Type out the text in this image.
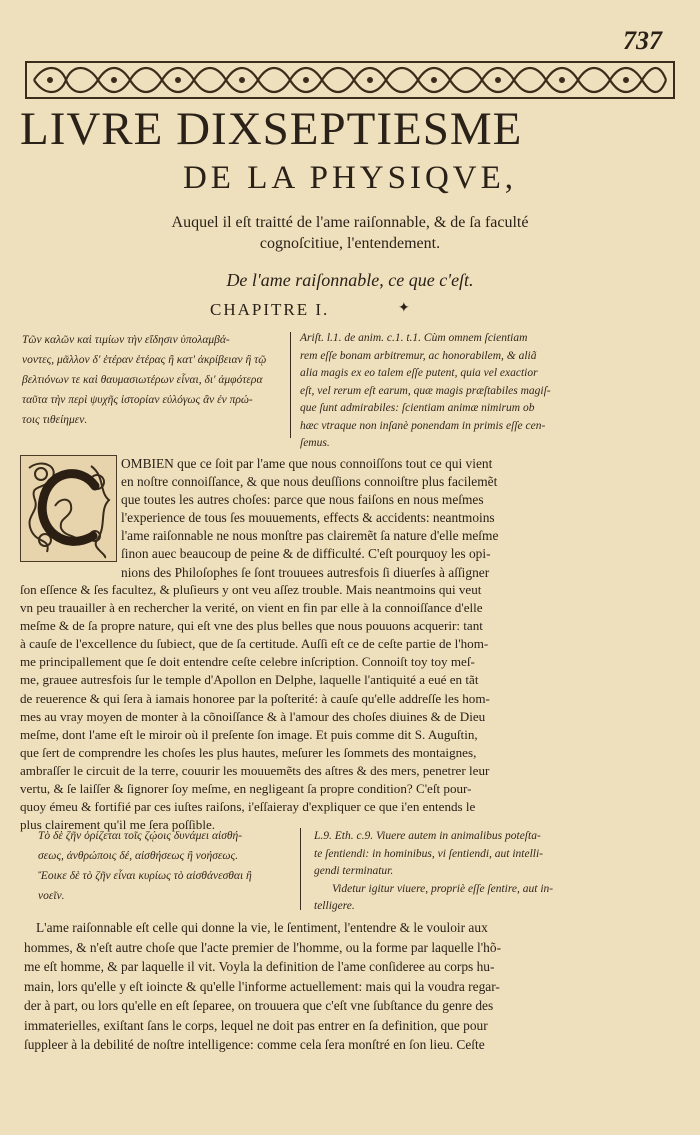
737
LIVRE DIXSEPTIESME
DE LA PHYSIQVE,
Auquel il eſt traitté de l'ame raiſonnable, & de ſa faculté
cognoſcitiue, l'entendement.
De l'ame raiſonnable, ce que c'eſt.
CHAPITRE I.	✦
Τῶν καλῶν καὶ τιμίων τὴν εἴδησιν ὑπολαμβά-
νοντες, μᾶλλον δ' ἑτέραν ἑτέρας ἢ κατ' ἀκρίβειαν ἢ τῷ
βελτιόνων τε καὶ θαυμασιωτέρων εἶναι, δι' ἀμφότερα
ταῦτα τὴν περὶ ψυχῆς ἱστορίαν εὐλόγως ἂν ἐν πρώ-
τοις τιθείημεν.
Ariſt. l.1. de anim. c.1. t.1. Cùm omnem ſcientiam
rem eſſe bonam arbitremur, ac honorabilem, & aliã
alia magis ex eo talem eſſe putent, quia vel exactior
eſt, vel rerum eſt earum, quæ magis præſtabiles magiſ-
que ſunt admirabiles: ſcientiam animæ nimirum ob
hæc vtraque non inſanè ponendam in primis eſſe cen-
ſemus.

OMBIEN que ce ſoit par l'ame que nous connoiſſons tout ce qui vient

en noſtre connoiſſance, & que nous deuſſions connoiſtre plus facilemẽt

que toutes les autres choſes: parce que nous faiſons en nous meſmes

l'experience de tous ſes mouuements, effects & accidents: neantmoins

l'ame raiſonnable ne nous monſtre pas clairemẽt ſa nature d'elle meſme

ſinon auec beaucoup de peine & de difficulté. C'eſt pourquoy les opi-

nions des Philoſophes ſe ſont trouuees autresfois ſi diuerſes à aſſigner

ſon eſſence & ſes facultez, & pluſieurs y ont veu aſſez trouble. Mais neantmoins qui veut

vn peu trauailler à en rechercher la verité, on vient en fin par elle à la connoiſſance d'elle

meſme & de ſa propre nature, qui eſt vne des plus belles que nous pouuons acquerir: tant

à cauſe de l'excellence du ſubiect, que de ſa certitude. Auſſi eſt ce de ceſte partie de l'hom-

me principallement que ſe doit entendre ceſte celebre inſcription. Connoiſt toy toy meſ-

me, grauee autresfois ſur le temple d'Apollon en Delphe, laquelle l'antiquité a eué en tãt

de reuerence & qui ſera à iamais honoree par la poſterité: à cauſe qu'elle addreſſe les hom-

mes au vray moyen de monter à la cõnoiſſance & à l'amour des choſes diuines & de Dieu

meſme, dont l'ame eſt le miroir où il preſente ſon image. Et puis comme dit S. Auguſtin,

que ſert de comprendre les choſes les plus hautes, meſurer les ſommets des montaignes,

ambraſſer le circuit de la terre, couurir les mouuemẽts des aſtres & des mers, penetrer leur

vertu, & ſe laiſſer & ſignorer ſoy meſme, en negligeant ſa propre condition? C'eſt pour-

quoy émeu & fortifié par ces iuſtes raiſons, i'eſſaieray d'expliquer ce que i'en entends le

plus clairement qu'il me ſera poſſible.

Τὸ δὲ ζῆν ὁρίζεται τοῖς ζῴοις δυνάμει αἰσθή-
σεως, ἀνθρώποις δέ, αἰσθήσεως ἢ νοήσεως.
Ἔοικε δὲ τὸ ζῆν εἶναι κυρίως τὸ αἰσθάνεσθαι ἢ
νοεῖν.
L.9. Eth. c.9. Viuere autem in animalibus poteſta-
te ſentiendi: in hominibus, vi ſentiendi, aut intelli-
gendi terminatur.
Videtur igitur viuere, propriè eſſe ſentire, aut in-
telligere.

L'ame raiſonnable eſt celle qui donne la vie, le ſentiment, l'entendre & le vouloir aux

hommes, & n'eſt autre choſe que l'acte premier de l'homme, ou la forme par laquelle l'hõ-

me eſt homme, & par laquelle il vit. Voyla la definition de l'ame conſideree au corps hu-

main, lors qu'elle y eſt ioincte & qu'elle l'informe actuellement: mais qui la voudra regar-

der à part, ou lors qu'elle en eſt ſeparee, on trouuera que c'eſt vne ſubſtance du genre des

immaterielles, exiſtant ſans le corps, lequel ne doit pas entrer en ſa definition, que pour

ſuppleer à la debilité de noſtre intelligence: comme cela ſera monſtré en ſon lieu. Ceſte
